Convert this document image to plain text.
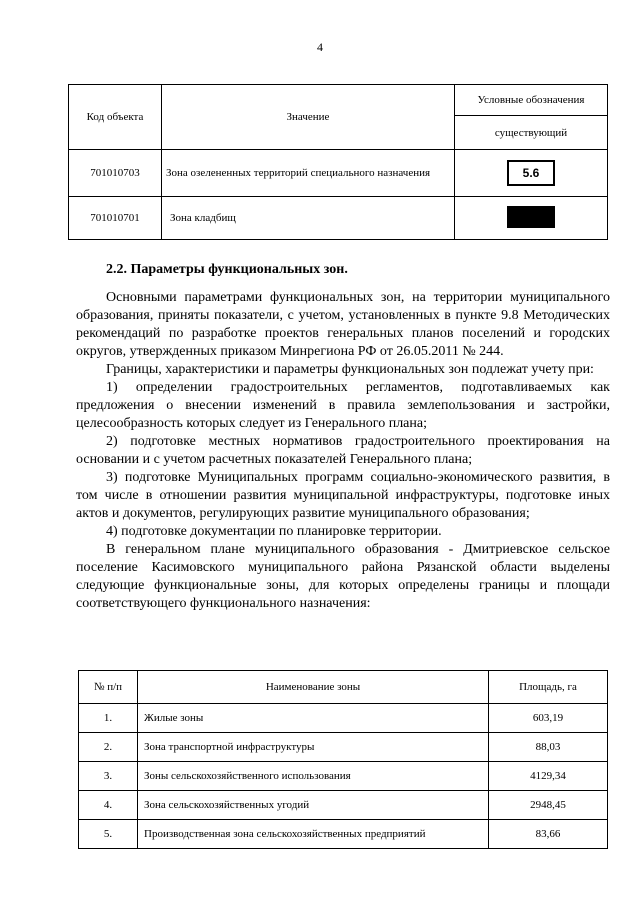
4
Код объекта	Значение	Условные обозначения
		существующий
701010703	Зона озелененных территорий специального назначения	5.6
701010701	Зона кладбищ	
2.2. Параметры функциональных зон.

Основными параметрами функциональных зон, на территории муниципального образования, приняты показатели, с учетом, установленных в пункте 9.8 Методических рекомендаций по разработке проектов генеральных планов поселений и городских округов, утвержденных приказом Минрегиона РФ от 26.05.2011 № 244.

Границы, характеристики и параметры функциональных зон подлежат учету при:

1) определении градостроительных регламентов, подготавливаемых как предложения о внесении изменений в правила землепользования и застройки, целесообразность которых следует из Генерального плана;

2) подготовке местных нормативов градостроительного проектирования на основании и с учетом расчетных показателей Генерального плана;

3) подготовке Муниципальных программ социально-экономического развития, в том числе в отношении развития муниципальной инфраструктуры, подготовке иных актов и документов, регулирующих развитие муниципального образования;

4) подготовке документации по планировке территории.

В генеральном плане муниципального образования - Дмитриевское сельское поселение Касимовского муниципального района Рязанской области выделены следующие функциональные зоны, для которых определены границы и площади соответствующего функционального назначения:

№ п/п	Наименование зоны	Площадь, га
1.	Жилые зоны	603,19
2.	Зона транспортной инфраструктуры	88,03
3.	Зоны сельскохозяйственного использования	4129,34
4.	Зона сельскохозяйственных угодий	2948,45
5.	Производственная зона сельскохозяйственных предприятий	83,66
